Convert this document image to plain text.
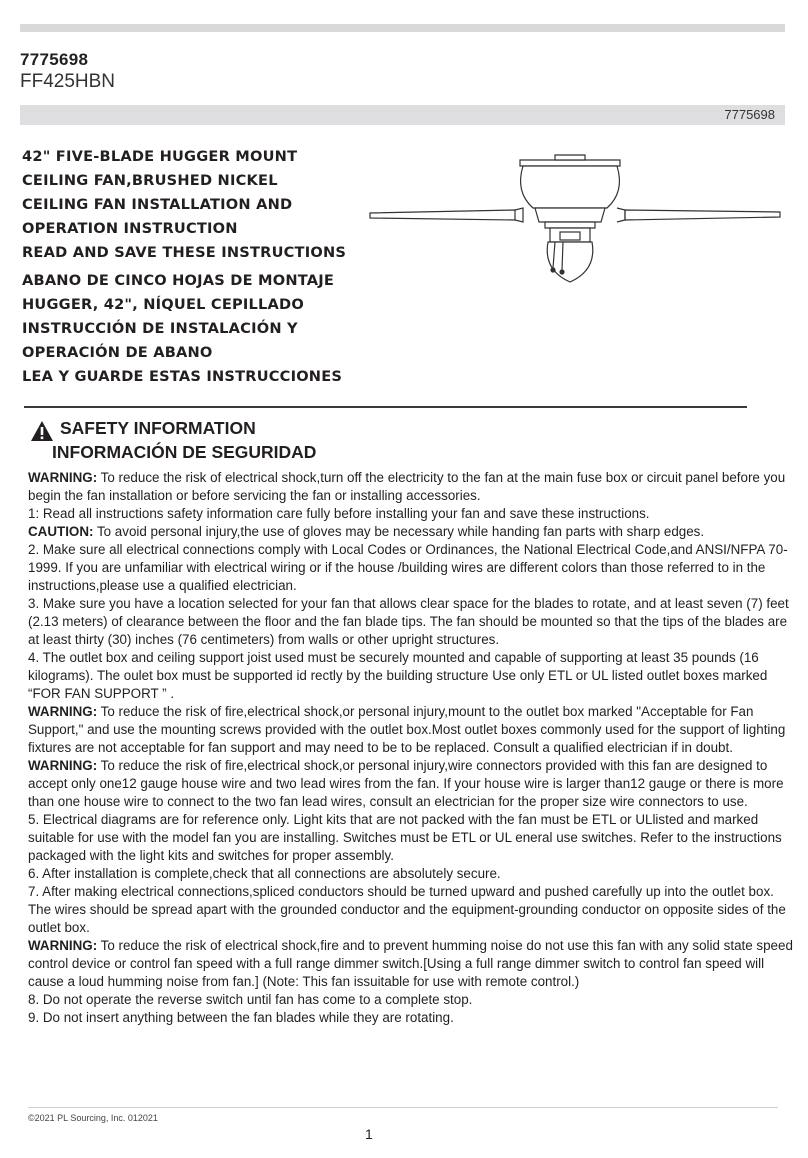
7775698
FF425HBN
7775698
42" FIVE-BLADE HUGGER MOUNT
CEILING FAN,BRUSHED NICKEL
CEILING FAN INSTALLATION AND
OPERATION INSTRUCTION
READ AND SAVE THESE INSTRUCTIONS
ABANO DE CINCO HOJAS DE MONTAJE
HUGGER, 42", NÍQUEL CEPILLADO
INSTRUCCIÓN DE INSTALACIÓN Y
OPERACIÓN DE ABANO
LEA Y GUARDE ESTAS INSTRUCCIONES
SAFETY INFORMATION
INFORMACIÓN DE SEGURIDAD

WARNING: To reduce the risk of electrical shock,turn off the electricity to the fan at the main fuse box or circuit panel before you begin the fan installation or before servicing the fan or installing accessories.

1: Read all instructions safety information care fully before installing your fan and save these instructions.

CAUTION: To avoid personal injury,the use of gloves may be necessary while handing fan parts with sharp edges.

2. Make sure all electrical connections comply with Local Codes or Ordinances, the National Electrical Code,and ANSI/NFPA 70-1999. If you are unfamiliar with electrical wiring or if the house /building wires are different colors than those referred to in the instructions,please use a qualified electrician.

3. Make sure you have a location selected for your fan that allows clear space for the blades to rotate, and at least seven (7) feet (2.13 meters) of clearance between the floor and the fan blade tips. The fan should be mounted so that the tips of the blades are at least thirty (30) inches (76 centimeters) from walls or other upright structures.

4. The outlet box and ceiling support joist used must be securely mounted and capable of supporting at least 35 pounds (16 kilograms). The oulet box must be supported id rectly by the building structure Use only ETL or UL listed outlet boxes marked “FOR FAN SUPPORT ” .

WARNING: To reduce the risk of fire,electrical shock,or personal injury,mount to the outlet box marked "Acceptable for Fan Support," and use the mounting screws provided with the outlet box.Most outlet boxes commonly used for the support of lighting fixtures are not acceptable for fan support and may need to be to be replaced. Consult a qualified electrician if in doubt.

WARNING: To reduce the risk of fire,electrical shock,or personal injury,wire connectors provided with this fan are designed to accept only one12 gauge house wire and two lead wires from the fan. If your house wire is larger than12 gauge or there is more than one house wire to connect to the two fan lead wires, consult an electrician for the proper size wire connectors to use.

5. Electrical diagrams are for reference only. Light kits that are not packed with the fan must be ETL or ULlisted and marked suitable for use with the model fan you are installing. Switches must be ETL or UL eneral use switches. Refer to the instructions packaged with the light kits and switches for proper assembly.

6. After installation is complete,check that all connections are absolutely secure.

7. After making electrical connections,spliced conductors should be turned upward and pushed carefully up into the outlet box. The wires should be spread apart with the grounded conductor and the equipment-grounding conductor on opposite sides of the outlet box.

WARNING: To reduce the risk of electrical shock,fire and to prevent humming noise do not use this fan with any solid state speed control device or control fan speed with a full range dimmer switch.[Using a full range dimmer switch to control fan speed will cause a loud humming noise from fan.] (Note: This fan issuitable for use with remote control.)

8. Do not operate the reverse switch until fan has come to a complete stop.

9. Do not insert anything between the fan blades while they are rotating.

©2021 PL Sourcing, Inc. 012021
1
